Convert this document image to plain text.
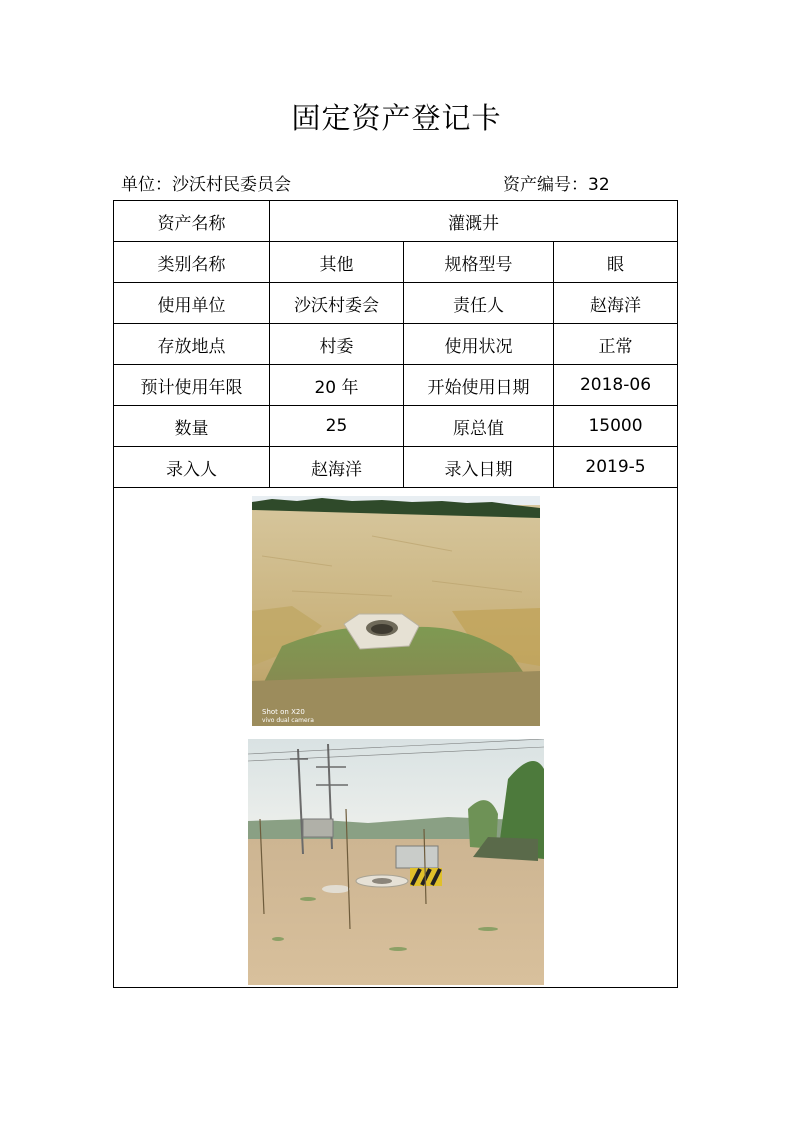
固定资产登记卡
单位：沙沃村民委员会	资产编号：32
资产名称	灌溉井		
类别名称	其他	规格型号	眼
使用单位	沙沃村委会	责任人	赵海洋
存放地点	村委	使用状况	正常
预计使用年限	20 年	开始使用日期	2018-06
数量	25	原总值	15000
录入人	赵海洋	录入日期	2019-5

Shot on X20
vivo dual camera			
